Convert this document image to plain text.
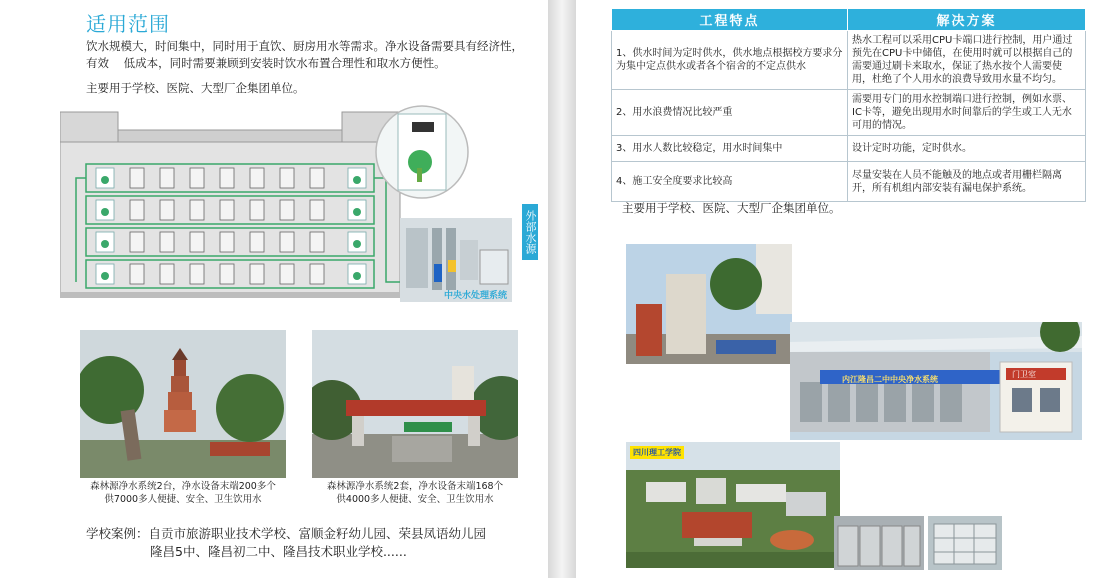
适用范围
饮水规模大，时间集中，同时用于直饮、厨房用水等需求。净水设备需要具有经济性，
有效    低成本，同时需要兼顾到安装时饮水布置合理性和取水方便性。
主要用于学校、医院、大型厂企集团单位。
外部水源
中央水处理系统
森林源净水系统2台，净水设备末端200多个
供7000多人便捷、安全、卫生饮用水
森林源净水系统2套，净水设备末端168个
供4000多人便捷、安全、卫生饮用水
学校案例：自贡市旅游职业技术学校、富顺金籽幼儿园、荣县凤语幼儿园
隆昌5中、隆昌初二中、隆昌技术职业学校......
工程特点	解决方案
1、供水时间为定时供水，供水地点根据校方要求分为集中定点供水或者各个宿舍的不定点供水	热水工程可以采用CPU卡端口进行控制，用户通过预先在CPU卡中储值，在使用时就可以根据自己的需要通过刷卡来取水，保证了热水按个人需要使用，杜绝了个人用水的浪费导致用水量不均匀。
2、用水浪费情况比较严重	需要用专门的用水控制端口进行控制，例如水票、IC卡等，避免出现用水时间靠后的学生或工人无水可用的情况。
3、用水人数比较稳定，用水时间集中	设计定时功能，定时供水。
4、施工安全度要求比较高	尽量安装在人员不能触及的地点或者用栅栏隔离开，所有机组内部安装有漏电保护系统。
主要用于学校、医院、大型厂企集团单位。
内江隆昌二中中央净水系统
门卫室
四川理工学院
